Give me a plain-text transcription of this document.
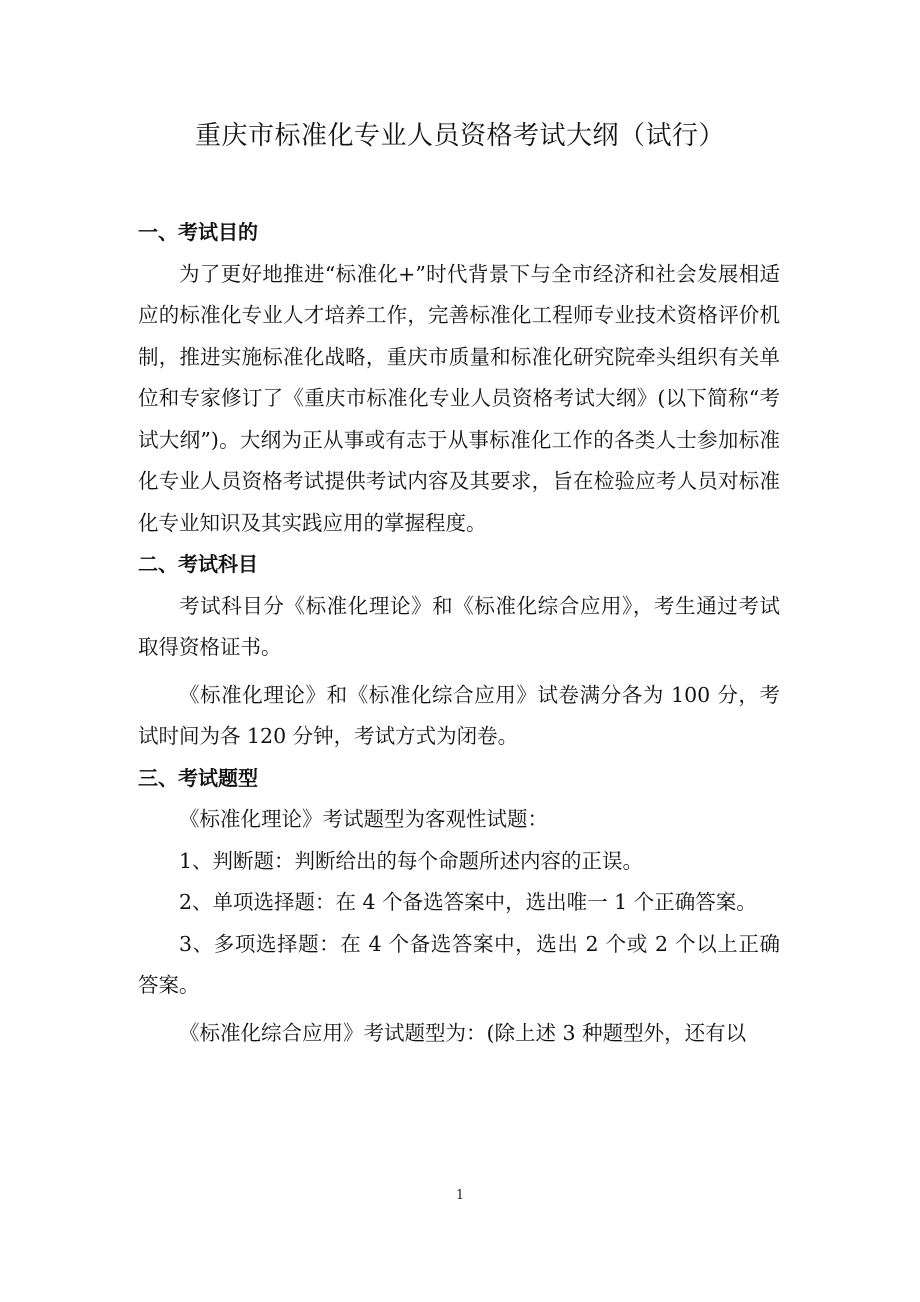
重庆市标准化专业人员资格考试大纲（试行）
一、考试目的

为了更好地推进“标准化+”时代背景下与全市经济和社会发展相适应的标准化专业人才培养工作，完善标准化工程师专业技术资格评价机制，推进实施标准化战略，重庆市质量和标准化研究院牵头组织有关单位和专家修订了《重庆市标准化专业人员资格考试大纲》(以下简称“考试大纲”)。大纲为正从事或有志于从事标准化工作的各类人士参加标准化专业人员资格考试提供考试内容及其要求，旨在检验应考人员对标准化专业知识及其实践应用的掌握程度。

二、考试科目

考试科目分《标准化理论》和《标准化综合应用》，考生通过考试取得资格证书。

《标准化理论》和《标准化综合应用》试卷满分各为 100 分，考试时间为各 120 分钟，考试方式为闭卷。

三、考试题型

《标准化理论》考试题型为客观性试题：

1、判断题：判断给出的每个命题所述内容的正误。

2、单项选择题：在 4 个备选答案中，选出唯一 1 个正确答案。

3、多项选择题：在 4 个备选答案中，选出 2 个或 2 个以上正确答案。

《标准化综合应用》考试题型为：(除上述 3 种题型外，还有以

1
